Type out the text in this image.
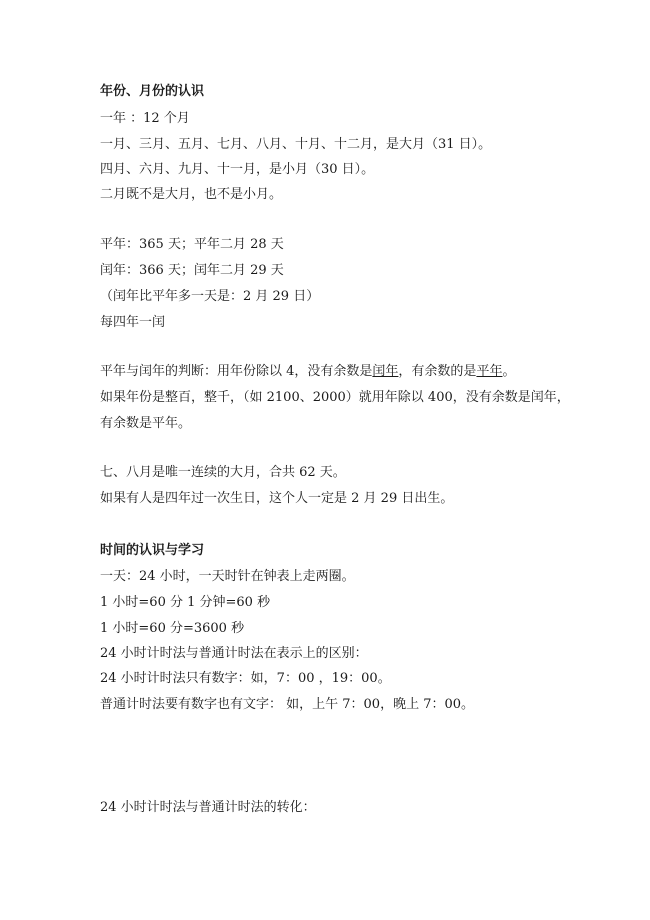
年份、月份的认识
一年 ：12 个月
一月、三月、五月、七月、八月、十月、十二月，是大月（31 日）。
四月、六月、九月、十一月，是小月（30 日）。
二月既不是大月，也不是小月。
平年：365 天；平年二月 28 天
闰年：366 天；闰年二月 29 天
（闰年比平年多一天是：2 月 29 日）
每四年一闰
平年与闰年的判断：用年份除以 4，没有余数是闰年，有余数的是平年。
如果年份是整百，整千，（如 2100、2000）就用年除以 400，没有余数是闰年，
有余数是平年。
七、八月是唯一连续的大月，合共 62 天。
如果有人是四年过一次生日，这个人一定是 2 月 29 日出生。
时间的认识与学习
一天：24 小时，一天时针在钟表上走两圈。
1 小时=60 分 1 分钟=60 秒
1 小时=60 分=3600 秒
24 小时计时法与普通计时法在表示上的区别：
24 小时计时法只有数字：如，7：00 ，19：00。
普通计时法要有数字也有文字： 如，上午 7：00，晚上 7：00。
24 小时计时法与普通计时法的转化：
